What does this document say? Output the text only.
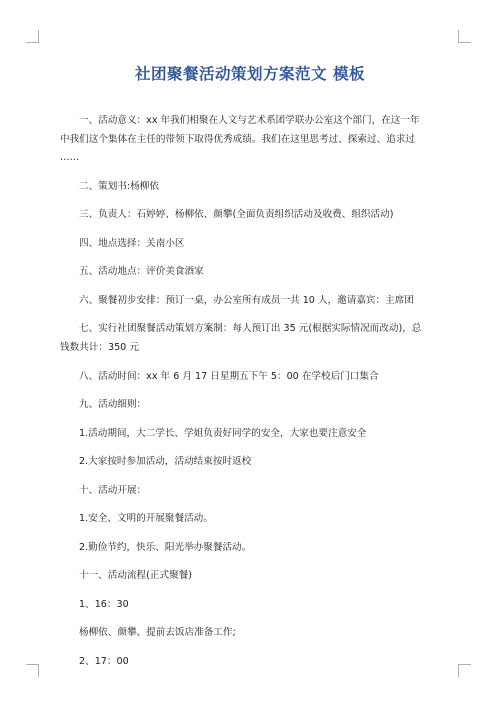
社团聚餐活动策划方案范文 模板

一、活动意义：xx 年我们相聚在人文与艺术系团学联办公室这个部门，在这一年
中我们这个集体在主任的带领下取得优秀成绩。我们在这里思考过、探索过、追求过
……

二、策划书:杨柳依

三、负责人：石婷婷、杨柳依、颜攀(全面负责组织活动及收费、组织活动)

四、地点选择：关南小区

五、活动地点：评价美食酒家

六、聚餐初步安排：预订一桌，办公室所有成员一共 10 人，邀请嘉宾：主席团

七、实行社团聚餐活动策划方案制：每人预订出 35 元(根据实际情况而改动)，总
钱数共计：350 元

八、活动时间：xx 年 6 月 17 日星期五下午 5：00 在学校后门口集合

九、活动细则：

1.活动期间，大二学长、学姐负责好同学的安全，大家也要注意安全

2.大家按时参加活动，活动结束按时返校

十、活动开展：

1.安全、文明的开展聚餐活动。

2.勤俭节约，快乐、阳光举办聚餐活动。

十一、活动流程(正式聚餐)

1、16：30

杨柳依、颜攀、提前去饭店准备工作;

2、17：00
